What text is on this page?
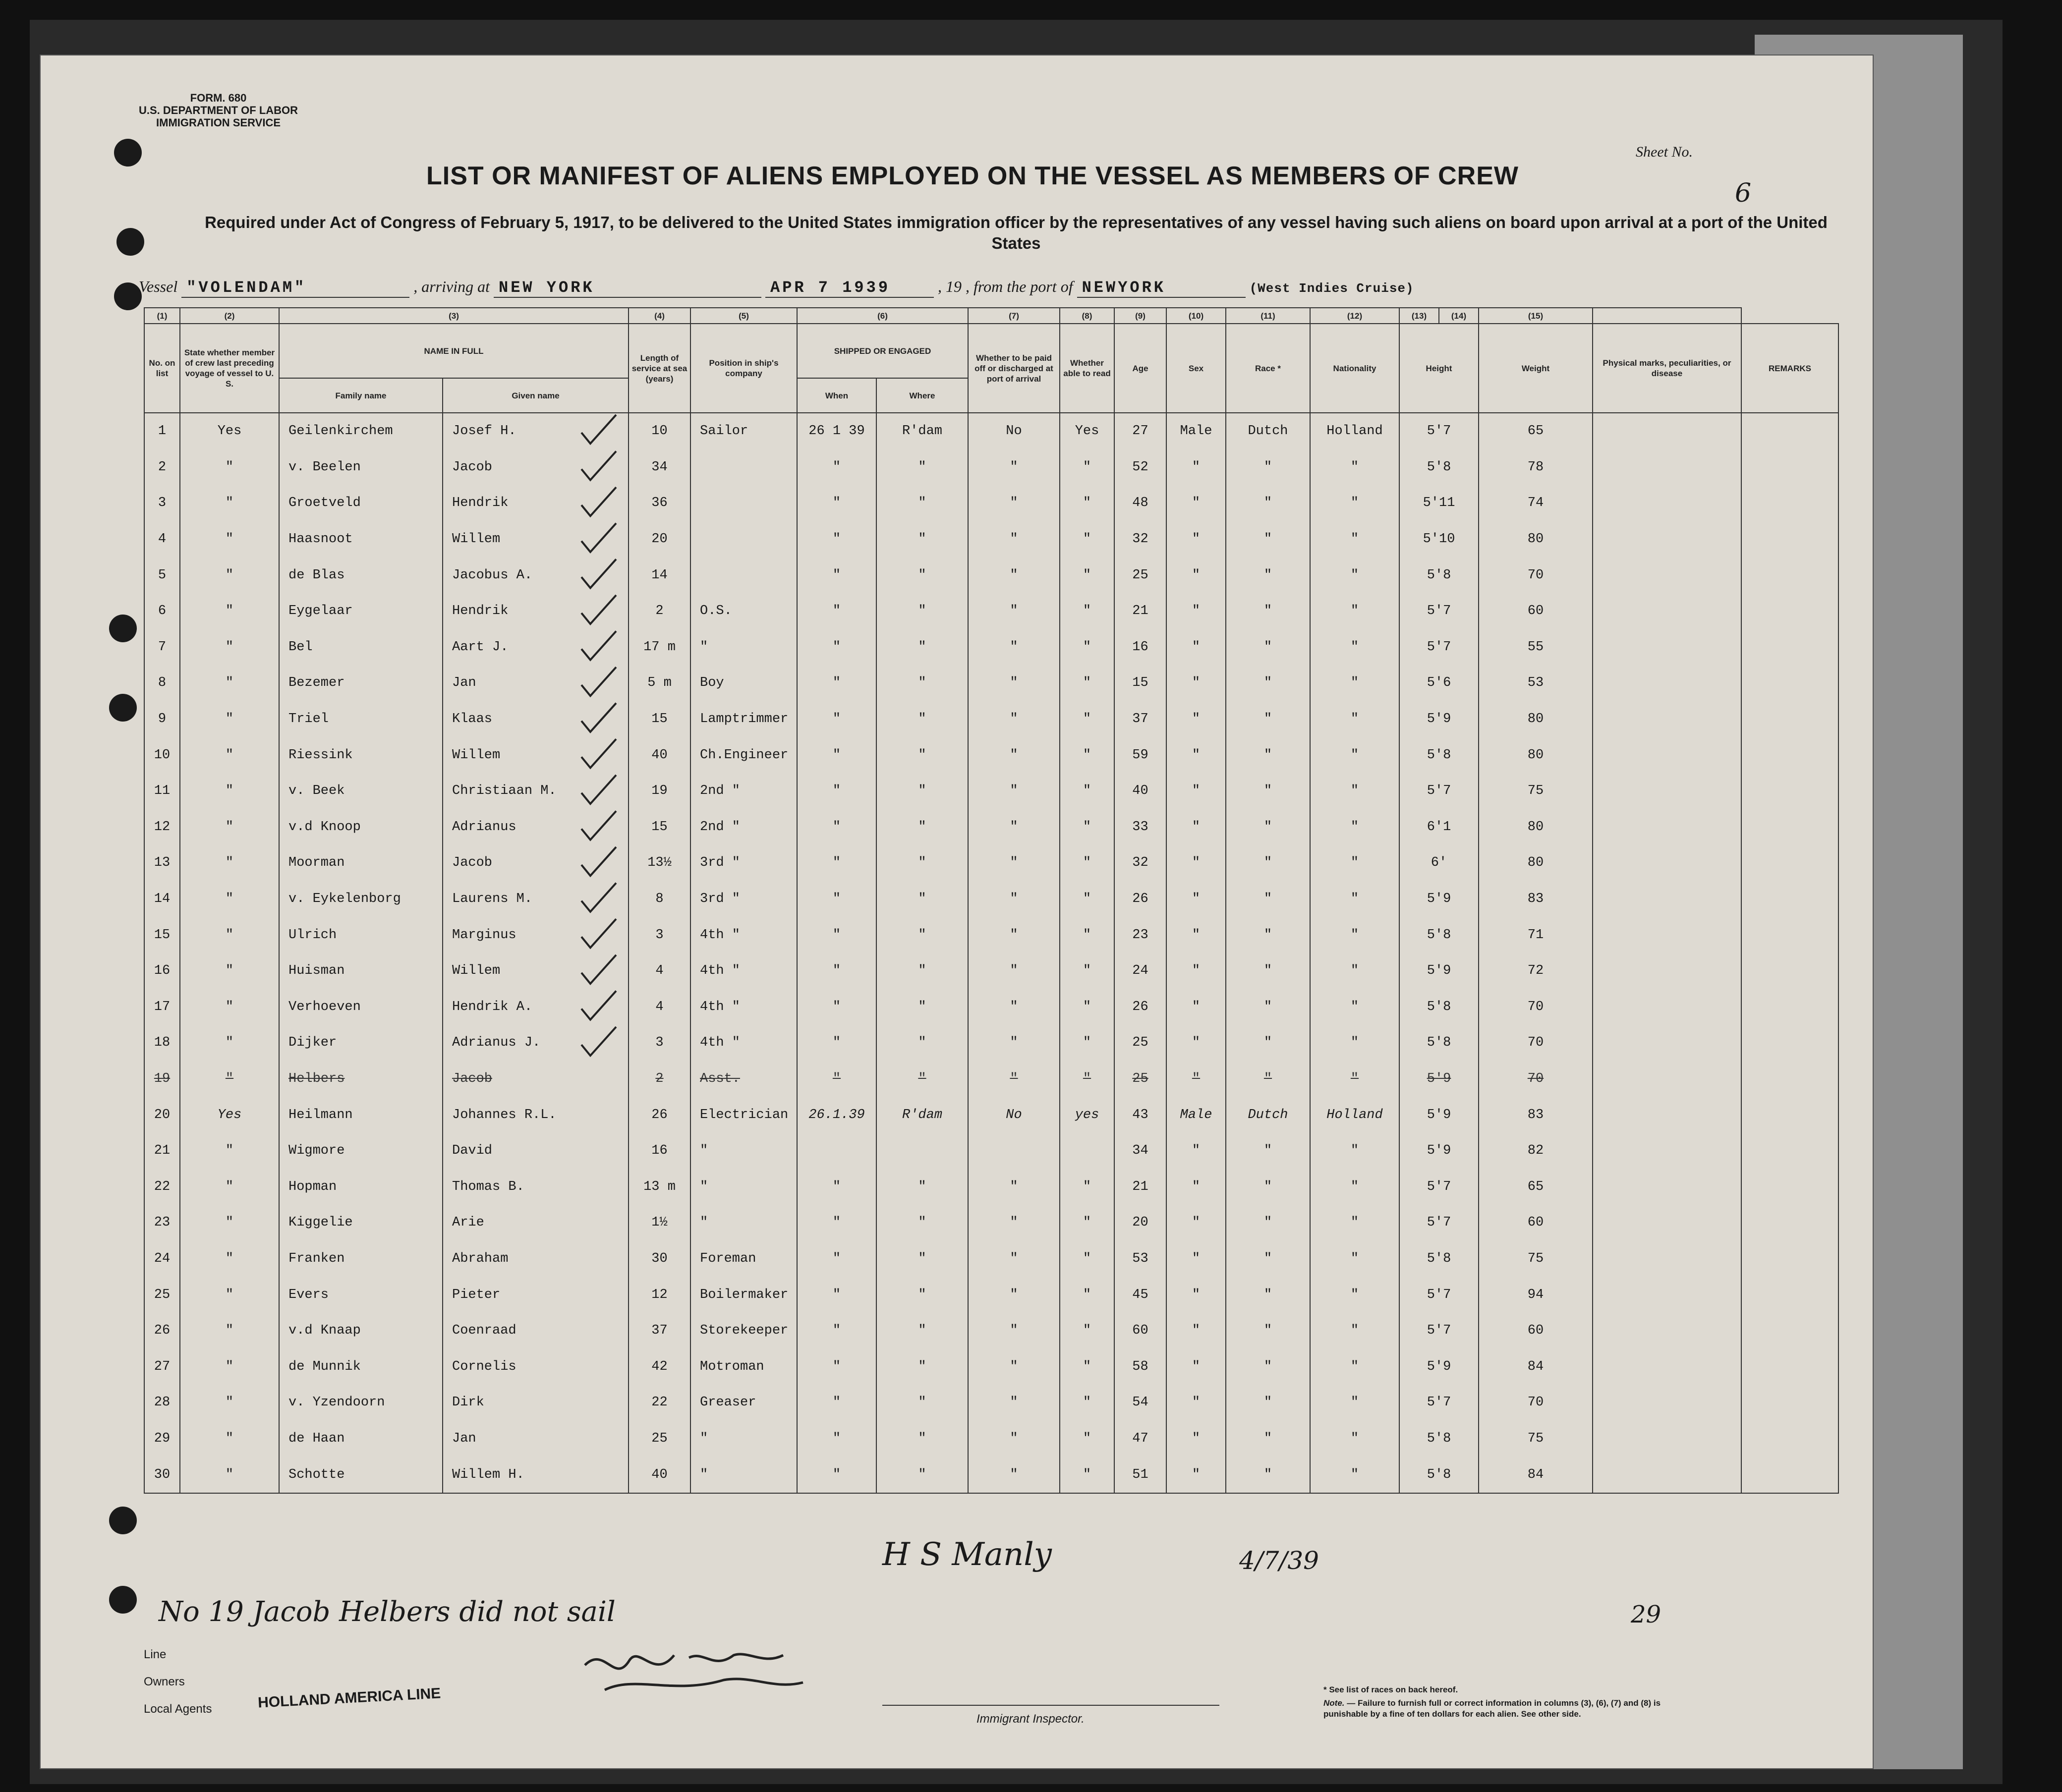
FORM. 680
U.S. DEPARTMENT OF LABOR
IMMIGRATION SERVICE
LIST OR MANIFEST OF ALIENS EMPLOYED ON THE VESSEL AS MEMBERS OF CREW
Sheet No.
6
Required under Act of Congress of February 5, 1917, to be delivered to the United States immigration officer by the representatives of any vessel having such aliens on board upon arrival at a port of the United States
Vessel "VOLENDAM"	, arriving at NEW YORK	APR 7 1939	, 19 , from the port of NEWYORK	(West Indies Cruise)
(1)	(2)	(3)		(4)	(5)	(6)		(7)	(8)	(9)	(10)	(11)	(12)	(13)	(14)	(15)		
No. on list	State whether member of crew last preceding voyage of vessel to U. S.	NAME IN FULL		Length of service at sea (years)	Position in ship's company	SHIPPED OR ENGAGED		Whether to be paid off or discharged at port of arrival	Whether able to read	Age	Sex	Race *	Nationality	Height		Weight	Physical marks, peculiarities, or disease	REMARKS
		Family name	Given name			When	Where											
1	Yes	Geilenkirchem	Josef H.	10	Sailor	26 1 39	R'dam	No	Yes	27	Male	Dutch	Holland	5'7		65		
2	"	v. Beelen	Jacob	34		"	"	"	"	52	"	"	"	5'8		78		
3	"	Groetveld	Hendrik	36		"	"	"	"	48	"	"	"	5'11		74		
4	"	Haasnoot	Willem	20		"	"	"	"	32	"	"	"	5'10		80		
5	"	de Blas	Jacobus A.	14		"	"	"	"	25	"	"	"	5'8		70		
6	"	Eygelaar	Hendrik	2	O.S.	"	"	"	"	21	"	"	"	5'7		60		
7	"	Bel	Aart J.	17 m	"	"	"	"	"	16	"	"	"	5'7		55		
8	"	Bezemer	Jan	5 m	Boy	"	"	"	"	15	"	"	"	5'6		53		
9	"	Triel	Klaas	15	Lamptrimmer	"	"	"	"	37	"	"	"	5'9		80		
10	"	Riessink	Willem	40	Ch.Engineer	"	"	"	"	59	"	"	"	5'8		80		
11	"	v. Beek	Christiaan M.	19	2nd "	"	"	"	"	40	"	"	"	5'7		75		
12	"	v.d Knoop	Adrianus	15	2nd "	"	"	"	"	33	"	"	"	6'1		80		
13	"	Moorman	Jacob	13½	3rd "	"	"	"	"	32	"	"	"	6'		80		
14	"	v. Eykelenborg	Laurens M.	8	3rd "	"	"	"	"	26	"	"	"	5'9		83		
15	"	Ulrich	Marginus	3	4th "	"	"	"	"	23	"	"	"	5'8		71		
16	"	Huisman	Willem	4	4th "	"	"	"	"	24	"	"	"	5'9		72		
17	"	Verhoeven	Hendrik A.	4	4th "	"	"	"	"	26	"	"	"	5'8		70		
18	"	Dijker	Adrianus J.	3	4th "	"	"	"	"	25	"	"	"	5'8		70		
19	"	Helbers	Jacob	2	Asst.	"	"	"	"	25	"	"	"	5'9		70		
20	Yes	Heilmann	Johannes R.L.	26	Electrician	26.1.39	R'dam	No	yes	43	Male	Dutch	Holland	5'9		83		
21	"	Wigmore	David	16	"					34	"	"	"	5'9		82		
22	"	Hopman	Thomas B.	13 m	"	"	"	"	"	21	"	"	"	5'7		65		
23	"	Kiggelie	Arie	1½	"	"	"	"	"	20	"	"	"	5'7		60		
24	"	Franken	Abraham	30	Foreman	"	"	"	"	53	"	"	"	5'8		75		
25	"	Evers	Pieter	12	Boilermaker	"	"	"	"	45	"	"	"	5'7		94		
26	"	v.d Knaap	Coenraad	37	Storekeeper	"	"	"	"	60	"	"	"	5'7		60		
27	"	de Munnik	Cornelis	42	Motroman	"	"	"	"	58	"	"	"	5'9		84		
28	"	v. Yzendoorn	Dirk	22	Greaser	"	"	"	"	54	"	"	"	5'7		70		
29	"	de Haan	Jan	25	"	"	"	"	"	47	"	"	"	5'8		75		
30	"	Schotte	Willem H.	40	"	"	"	"	"	51	"	"	"	5'8		84		
No 19 Jacob Helbers did not sail
H S Manly	4/7/39
29
Line
Owners
Local Agents	HOLLAND AMERICA LINE
Immigrant Inspector.
* See list of races on back hereof.
Note. — Failure to furnish full or correct information in columns (3), (6), (7) and (8) is punishable by a fine of ten dollars for each alien. See other side.
